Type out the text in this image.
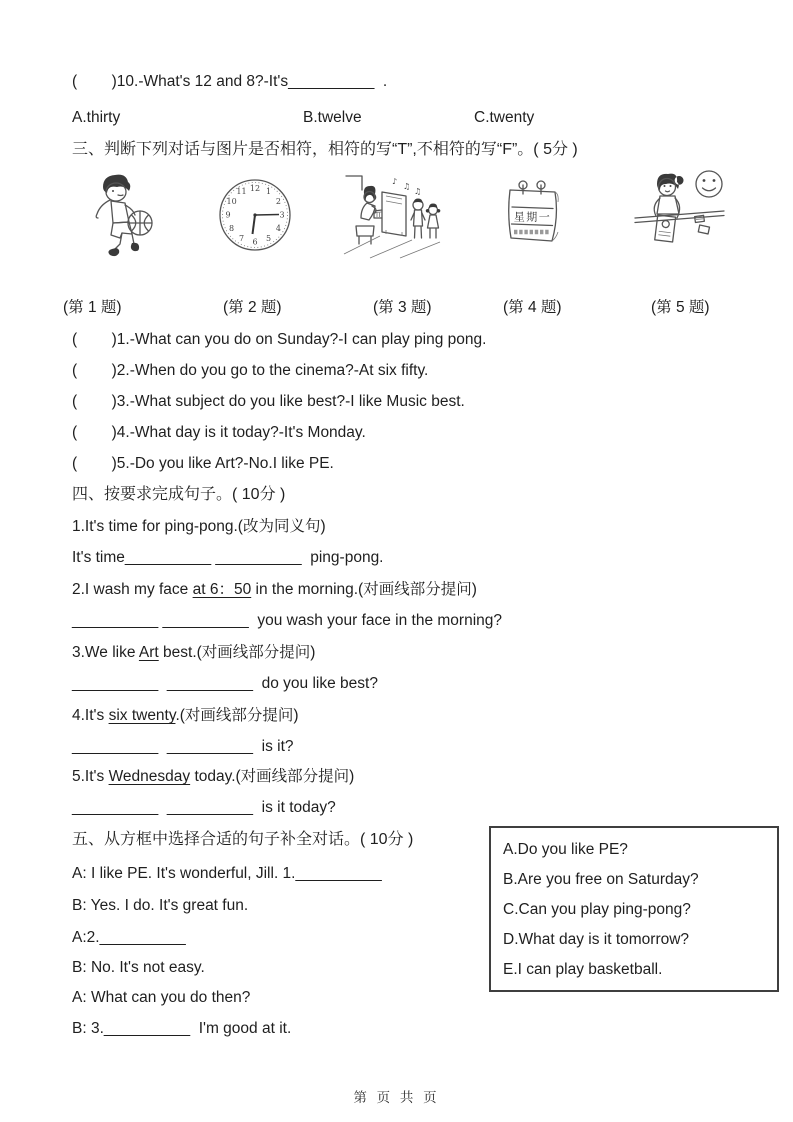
(        )10.-What's 12 and 8?-It's__________  .
A.thirty	B.twelve	C.twenty
三、判断下列对话与图片是否相符，相符的写“T”,不相符的写“F”。( 5分 )
12 1
2
3
4
5
6
7
8
9
10
11
♪
♫
♫
星期一
(第 1 题)	(第 2 题)	(第 3 题)	(第 4 题)	(第 5 题)
(        )1.-What can you do on Sunday?-I can play ping pong.
(        )2.-When do you go to the cinema?-At six fifty.
(        )3.-What subject do you like best?-I like Music best.
(        )4.-What day is it today?-It's Monday.
(        )5.-Do you like Art?-No.I like PE.
四、按要求完成句子。( 10分 )
1.It's time for ping-pong.(改为同义句)
It's time__________ __________  ping-pong.
2.I wash my face at 6：50 in the morning.(对画线部分提问)
__________ __________  you wash your face in the morning?
3.We like Art best.(对画线部分提问)
__________  __________  do you like best?
4.It's six twenty.(对画线部分提问)
__________  __________  is it?
5.It's Wednesday today.(对画线部分提问)
__________  __________  is it today?
五、从方框中选择合适的句子补全对话。( 10分 )
A.Do you like PE?
B.Are you free on Saturday?
C.Can you play ping-pong?
D.What day is it tomorrow?
E.I can play basketball.
A: I like PE. It's wonderful, Jill. 1.__________
B: Yes. I do. It's great fun.
A:2.__________
B: No. It's not easy.
A: What can you do then?
B: 3.__________  I'm good at it.
第 页 共 页
